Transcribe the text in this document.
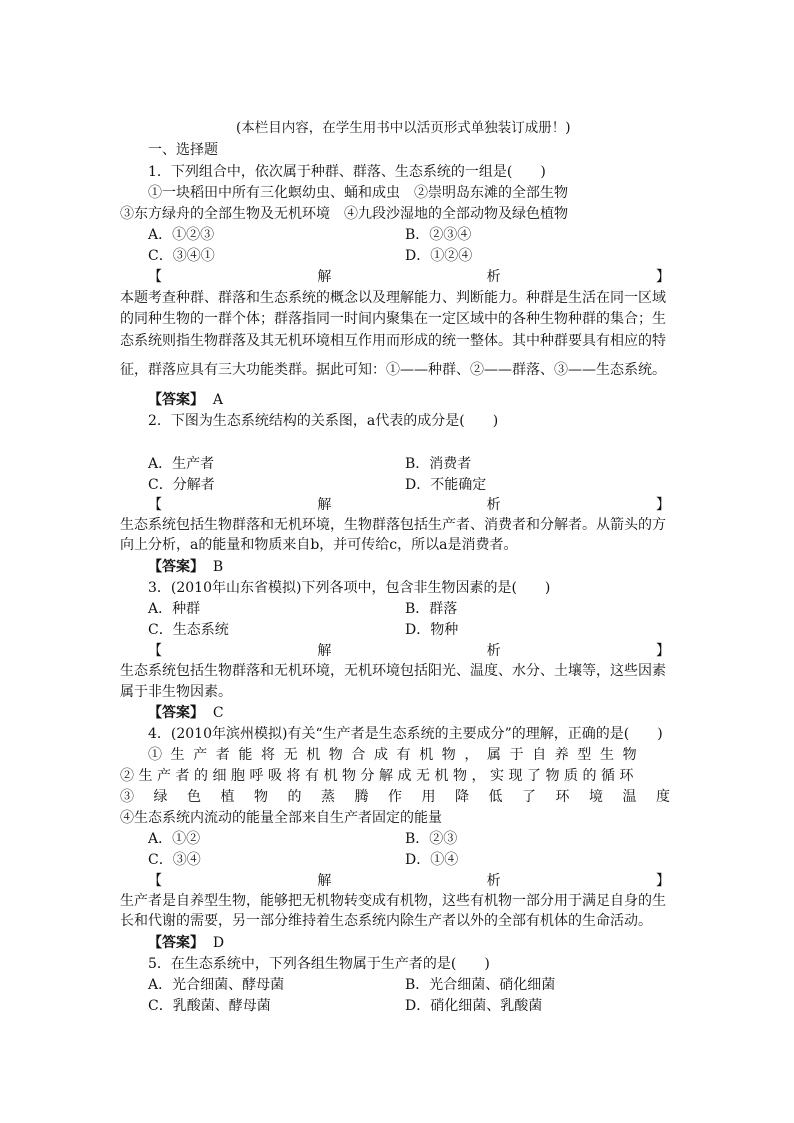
(本栏目内容，在学生用书中以活页形式单独装订成册！)
一、选择题
1．下列组合中，依次属于种群、群落、生态系统的一组是(　　)
①一块稻田中所有三化螟幼虫、蛹和成虫　②崇明岛东滩的全部生物
③东方绿舟的全部生物及无机环境　④九段沙湿地的全部动物及绿色植物
A．①②③	B．②③④
C．③④①	D．①②④
【	解	析	】
本题考查种群、群落和生态系统的概念以及理解能力、判断能力。种群是生活在同一区域
的同种生物的一群个体；群落指同一时间内聚集在一定区域中的各种生物种群的集合；生
态系统则指生物群落及其无机环境相互作用而形成的统一整体。其中种群要具有相应的特
征，群落应具有三大功能类群。据此可知：①——种群、②——群落、③——生态系统。
【答案】 A
2．下图为生态系统结构的关系图，a代表的成分是(　　)
A．生产者	B．消费者
C．分解者	D．不能确定
【	解	析	】
生态系统包括生物群落和无机环境，生物群落包括生产者、消费者和分解者。从箭头的方
向上分析，a的能量和物质来自b，并可传给c，所以a是消费者。
【答案】 B
3．(2010年山东省模拟)下列各项中，包含非生物因素的是(　　)
A．种群	B．群落
C．生态系统	D．物种
【	解	析	】
生态系统包括生物群落和无机环境，无机环境包括阳光、温度、水分、土壤等，这些因素
属于非生物因素。
【答案】 C
4．(2010年滨州模拟)有关“生产者是生态系统的主要成分”的理解，正确的是(　　)
①生产者能将无机物合成有机物，属于自养型生物
②生产者的细胞呼吸将有机物分解成无机物，实现了物质的循环
③绿色植物的蒸腾作用降低了环境温度
④生态系统内流动的能量全部来自生产者固定的能量
A．①②	B．②③
C．③④	D．①④
【	解	析	】
生产者是自养型生物，能够把无机物转变成有机物，这些有机物一部分用于满足自身的生
长和代谢的需要，另一部分维持着生态系统内除生产者以外的全部有机体的生命活动。
【答案】 D
5．在生态系统中，下列各组生物属于生产者的是(　　)
A．光合细菌、酵母菌	B．光合细菌、硝化细菌
C．乳酸菌、酵母菌	D．硝化细菌、乳酸菌
